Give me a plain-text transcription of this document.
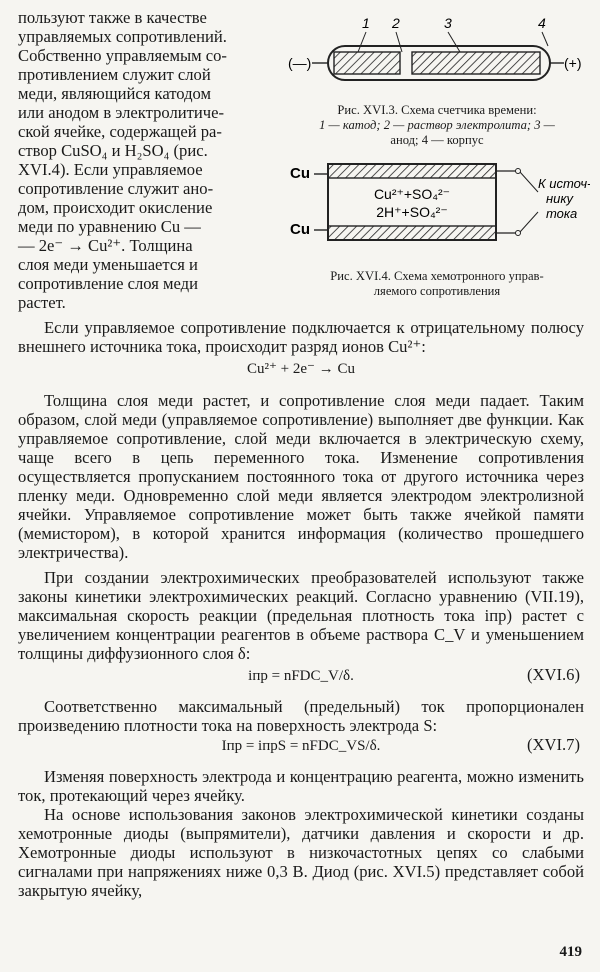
пользуют также в качестве

управляемых сопротивлений.

Собственно управляемым со-

противлением служит слой

меди, являющийся катодом

или анодом в электролитиче-

ской ячейке, содержащей ра-

створ CuSO₄ и H₂SO₄ (рис.

XVI.4). Если управляемое

сопротивление служит ано-

дом, происходит окисление

меди по уравнению Cu —

— 2e⁻ → Cu²⁺. Толщина

слоя меди уменьшается и

сопротивление слоя меди

растет.

1 2	3	4
(—)	(+)

Рис. XVI.3. Схема счетчика времени:

1 — катод; 2 — раствор электролита; 3 —

анод; 4 — корпус

Cu
Cu
Cu²⁺+SO₄²⁻
2H⁺+SO₄²⁻
К источ-
нику
тока

Рис. XVI.4. Схема хемотронного управ-

ляемого сопротивления

Если управляемое сопротивление подключается к отрицательному полюсу внешнего источника тока, происходит разряд ионов Cu²⁺:

Cu²⁺ + 2e⁻ → Cu

Толщина слоя меди растет, и сопротивление слоя меди падает. Таким образом, слой меди (управляемое сопротивление) выполняет две функции. Как управляемое сопротивление, слой меди включается в электрическую схему, чаще всего в цепь переменного тока. Изменение сопротивления осуществляется пропусканием постоянного тока от другого источника через пленку меди. Одновременно слой меди является электродом электролизной ячейки. Управляемое сопротивление может быть также ячейкой памяти (мемистором), в которой хранится информация (количество прошедшего электричества).

При создании электрохимических преобразователей используют также законы кинетики электрохимических реакций. Согласно уравнению (VII.19), максимальная скорость реакции (предельная плотность тока iпр) растет с увеличением концентрации реагентов в объеме раствора C_V и уменьшением толщины диффузионного слоя δ:

iпр = nFDC_V/δ.	(XVI.6)

Соответственно максимальный (предельный) ток пропорционален произведению плотности тока на поверхность электрода S:

Iпр = iпрS = nFDC_VS/δ.	(XVI.7)

Изменяя поверхность электрода и концентрацию реагента, можно изменить ток, протекающий через ячейку.

На основе использования законов электрохимической кинетики созданы хемотронные диоды (выпрямители), датчики давления и скорости и др. Хемотронные диоды используют в низкочастотных цепях со слабыми сигналами при напряжениях ниже 0,3 В. Диод (рис. XVI.5) представляет собой закрытую ячейку,

419
